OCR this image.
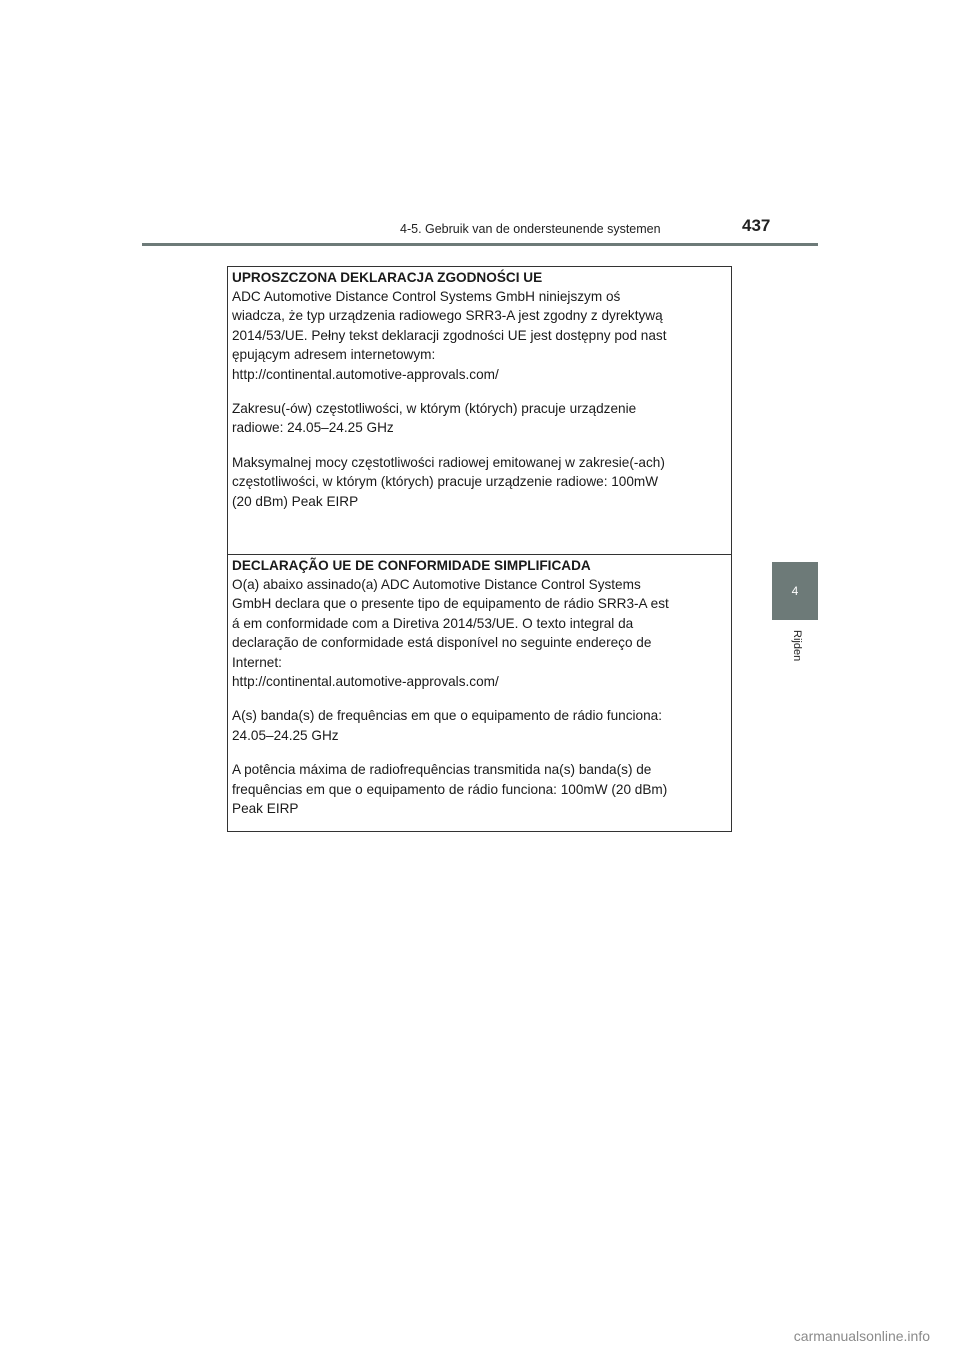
4-5. Gebruik van de ondersteunende systemen	437
4
Rijden
UPROSZCZONA DEKLARACJA ZGODNOŚCI UE

ADC Automotive Distance Control Systems GmbH niniejszym oś
wiadcza, że typ urządzenia radiowego SRR3-A jest zgodny z dyrektywą
2014/53/UE. Pełny tekst deklaracji zgodności UE jest dostępny pod nast
ępującym adresem internetowym:
http://continental.automotive-approvals.com/

Zakresu(-ów) częstotliwości, w którym (których) pracuje urządzenie
radiowe: 24.05–24.25 GHz

Maksymalnej mocy częstotliwości radiowej emitowanej w zakresie(-ach)
częstotliwości, w którym (których) pracuje urządzenie radiowe: 100mW
(20 dBm) Peak EIRP

DECLARAÇÃO UE DE CONFORMIDADE SIMPLIFICADA

O(a) abaixo assinado(a) ADC Automotive Distance Control Systems
GmbH declara que o presente tipo de equipamento de rádio SRR3-A est
á em conformidade com a Diretiva 2014/53/UE. O texto integral da
declaração de conformidade está disponível no seguinte endereço de
Internet:
http://continental.automotive-approvals.com/

A(s) banda(s) de frequências em que o equipamento de rádio funciona:
24.05–24.25 GHz

A potência máxima de radiofrequências transmitida na(s) banda(s) de
frequências em que o equipamento de rádio funciona: 100mW (20 dBm)
Peak EIRP

carmanualsonline.info
